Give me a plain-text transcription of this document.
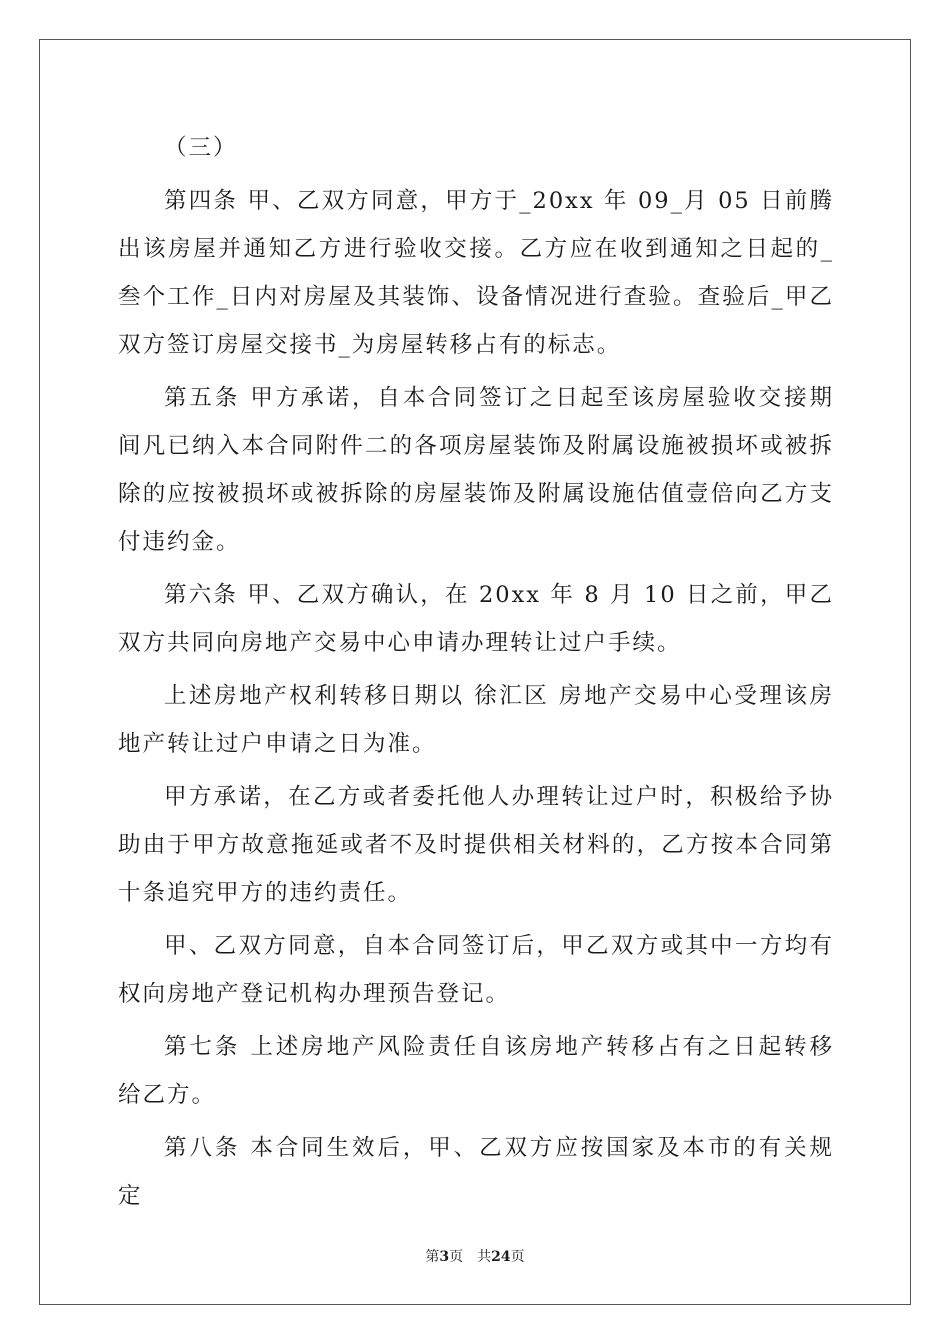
（三）

第四条 甲、乙双方同意，甲方于_20xx 年 09_月 05 日前腾出该房屋并通知乙方进行验收交接。乙方应在收到通知之日起的_叁个工作_日内对房屋及其装饰、设备情况进行查验。查验后_甲乙双方签订房屋交接书_为房屋转移占有的标志。

第五条 甲方承诺，自本合同签订之日起至该房屋验收交接期间凡已纳入本合同附件二的各项房屋装饰及附属设施被损坏或被拆除的应按被损坏或被拆除的房屋装饰及附属设施估值壹倍向乙方支付违约金。

第六条 甲、乙双方确认，在 20xx 年 8 月 10 日之前，甲乙双方共同向房地产交易中心申请办理转让过户手续。

上述房地产权利转移日期以 徐汇区 房地产交易中心受理该房地产转让过户申请之日为准。

甲方承诺，在乙方或者委托他人办理转让过户时，积极给予协助由于甲方故意拖延或者不及时提供相关材料的，乙方按本合同第十条追究甲方的违约责任。

甲、乙双方同意，自本合同签订后，甲乙双方或其中一方均有权向房地产登记机构办理预告登记。

第七条 上述房地产风险责任自该房地产转移占有之日起转移给乙方。

第八条 本合同生效后，甲、乙双方应按国家及本市的有关规定

第3页 共24页
